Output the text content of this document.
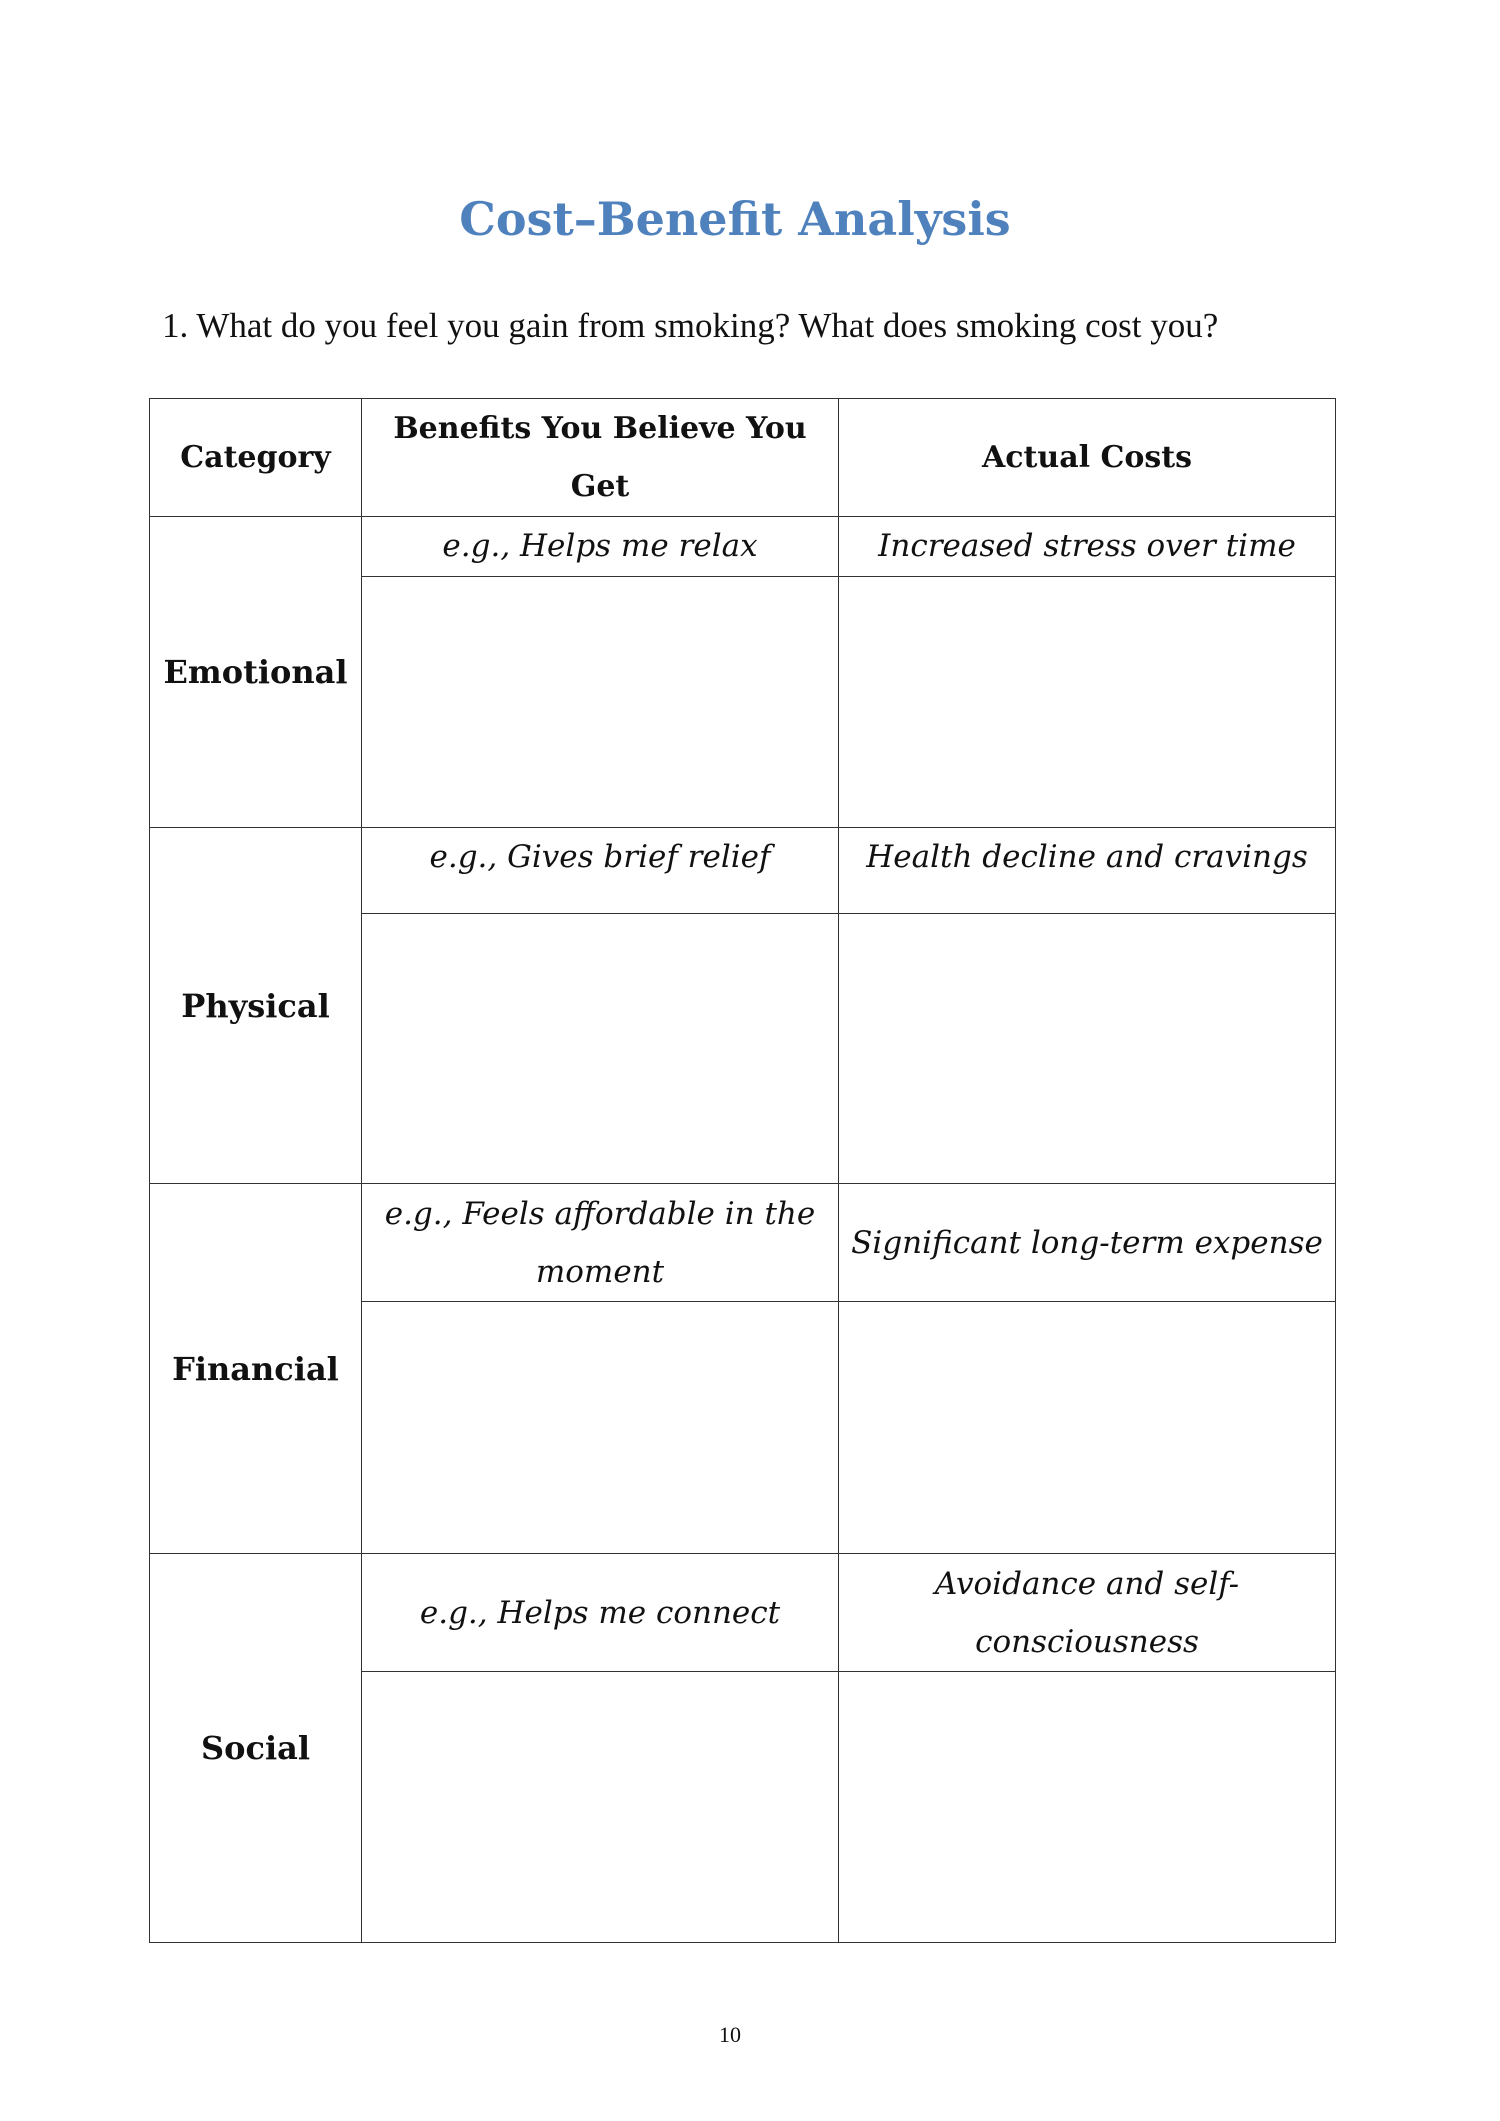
Cost–Benefit Analysis

1. What do you feel you gain from smoking? What does smoking cost you?

Category	Benefits You Believe You Get	Actual Costs
Emotional	e.g., Helps me relax	Increased stress over time

Physical	e.g., Gives brief relief	Health decline and cravings

Financial	e.g., Feels affordable in the moment	Significant long-term expense

Social	e.g., Helps me connect	Avoidance and self-consciousness

10
